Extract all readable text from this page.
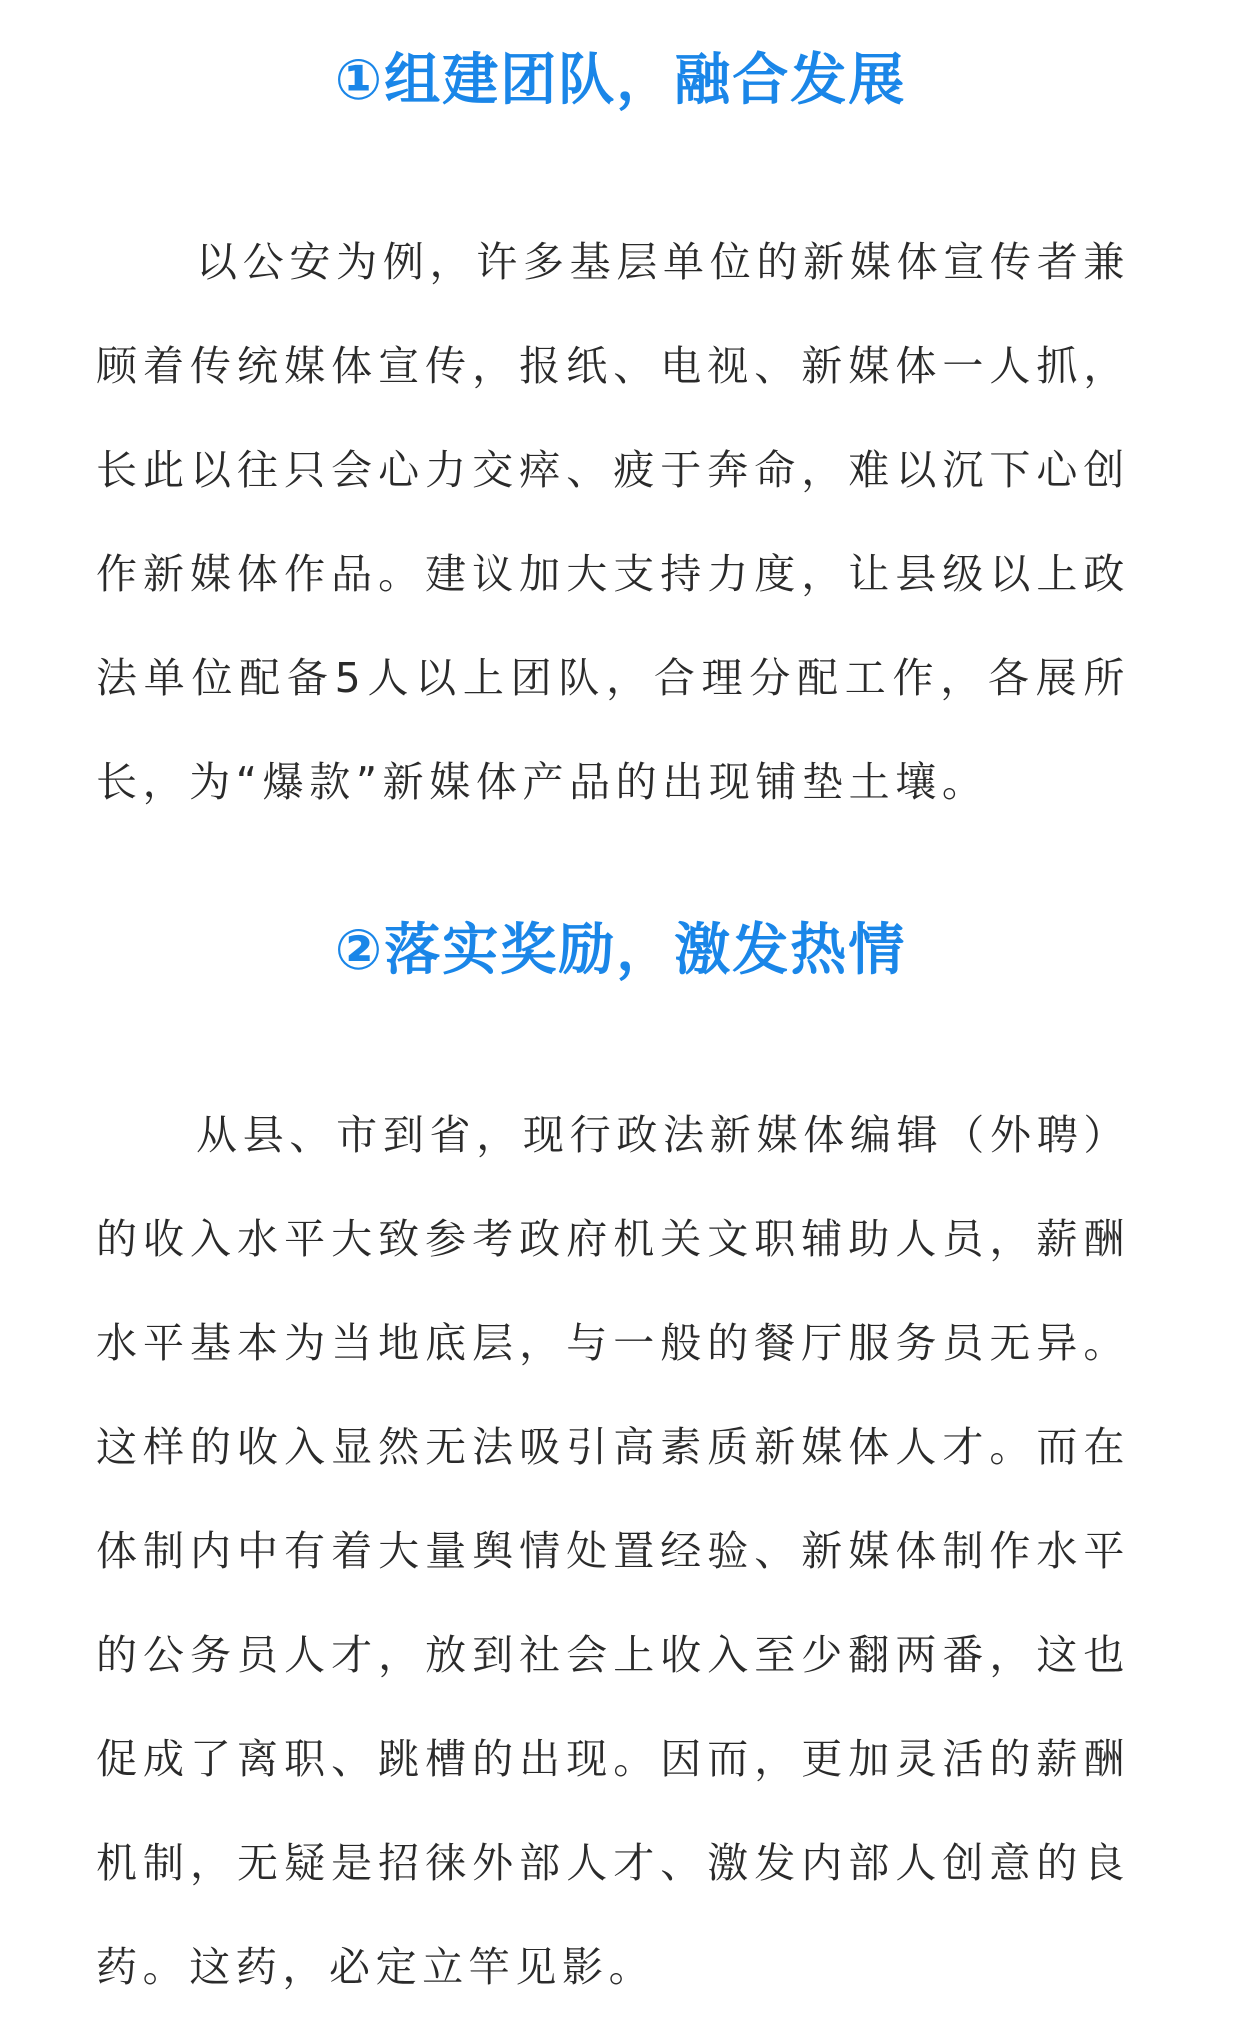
①组建团队，融合发展

以公安为例，许多基层单位的新媒体宣传者兼顾着传统媒体宣传，报纸、电视、新媒体一人抓，长此以往只会心力交瘁、疲于奔命，难以沉下心创作新媒体作品。建议加大支持力度，让县级以上政法单位配备5人以上团队，合理分配工作，各展所长，为“爆款”新媒体产品的出现铺垫土壤。

②落实奖励，激发热情

从县、市到省，现行政法新媒体编辑（外聘）的收入水平大致参考政府机关文职辅助人员，薪酬水平基本为当地底层，与一般的餐厅服务员无异。这样的收入显然无法吸引高素质新媒体人才。而在体制内中有着大量舆情处置经验、新媒体制作水平的公务员人才，放到社会上收入至少翻两番，这也促成了离职、跳槽的出现。因而，更加灵活的薪酬机制，无疑是招徕外部人才、激发内部人创意的良药。这药，必定立竿见影。
